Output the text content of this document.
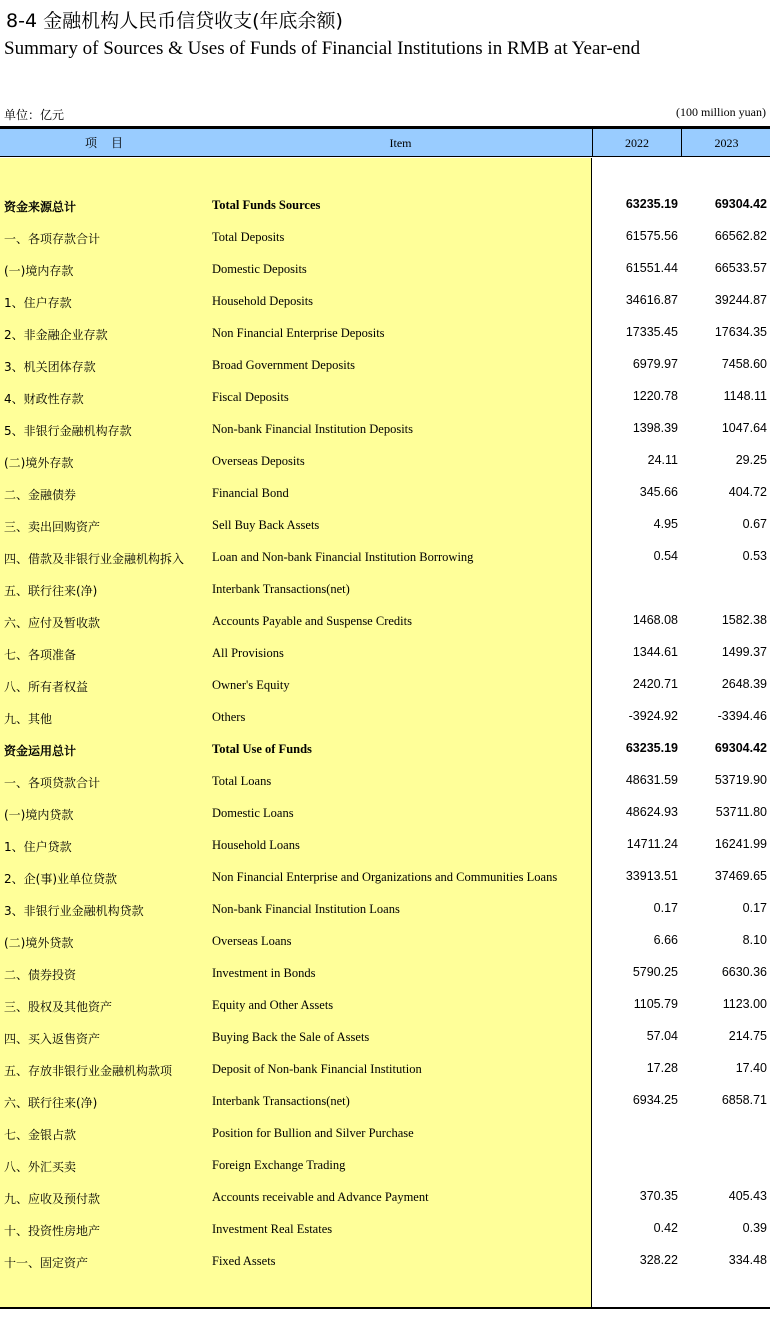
8-4 金融机构人民币信贷收支(年底余额)
Summary of Sources & Uses of Funds of Financial Institutions in RMB at Year-end
单位：亿元	(100 million yuan)
项目	Item	2022	2023
资金来源总计	Total Funds Sources	63235.19	69304.42
一、各项存款合计	Total Deposits	61575.56	66562.82
(一)境内存款	Domestic Deposits	61551.44	66533.57
1、住户存款	Household Deposits	34616.87	39244.87
2、非金融企业存款	Non Financial Enterprise Deposits	17335.45	17634.35
3、机关团体存款	Broad Government Deposits	6979.97	7458.60
4、财政性存款	Fiscal Deposits	1220.78	1148.11
5、非银行金融机构存款	Non-bank Financial Institution Deposits	1398.39	1047.64
(二)境外存款	Overseas Deposits	24.11	29.25
二、金融债券	Financial Bond	345.66	404.72
三、卖出回购资产	Sell Buy Back Assets	4.95	0.67
四、借款及非银行业金融机构拆入 Loan and Non-bank Financial Institution Borrowing	0.54	0.53
五、联行往来(净)	Interbank Transactions(net)
六、应付及暂收款	Accounts Payable and Suspense Credits	1468.08	1582.38
七、各项准备	All Provisions	1344.61	1499.37
八、所有者权益	Owner's Equity	2420.71	2648.39
九、其他	Others	-3924.92	-3394.46
资金运用总计	Total Use of Funds	63235.19	69304.42
一、各项贷款合计	Total Loans	48631.59	53719.90
(一)境内贷款	Domestic Loans	48624.93	53711.80
1、住户贷款	Household Loans	14711.24	16241.99
2、企(事)业单位贷款	Non Financial Enterprise and Organizations and Communities Loans	33913.51	37469.65
3、非银行业金融机构贷款	Non-bank Financial Institution Loans	0.17	0.17
(二)境外贷款	Overseas Loans	6.66	8.10
二、债券投资	Investment in Bonds	5790.25	6630.36
三、股权及其他资产	Equity and Other Assets	1105.79	1123.00
四、买入返售资产	Buying Back the Sale of Assets	57.04	214.75
五、存放非银行业金融机构款项	Deposit of Non-bank Financial Institution	17.28	17.40
六、联行往来(净)	Interbank Transactions(net)	6934.25	6858.71
七、金银占款	Position for Bullion and Silver Purchase
八、外汇买卖	Foreign Exchange Trading
九、应收及预付款	Accounts receivable and Advance Payment	370.35	405.43
十、投资性房地产	Investment Real Estates	0.42	0.39
十一、固定资产	Fixed Assets	328.22	334.48
